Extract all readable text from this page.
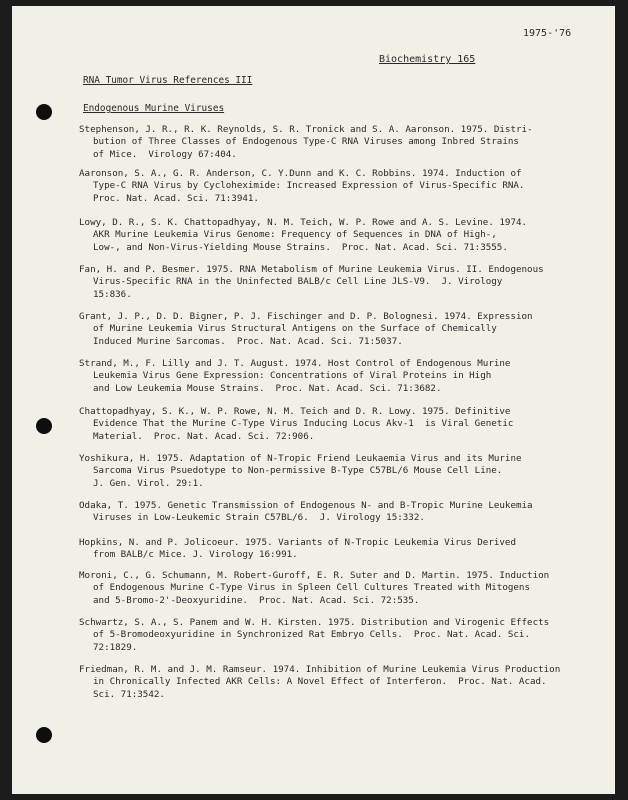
1975-'76
Biochemistry 165
RNA Tumor Virus References III
Endogenous Murine Viruses
Stephenson, J. R., R. K. Reynolds, S. R. Tronick and S. A. Aaronson. 1975. Distri-
bution of Three Classes of Endogenous Type-C RNA Viruses among Inbred Strains
of Mice.  Virology 67:404.
Aaronson, S. A., G. R. Anderson, C. Y.Dunn and K. C. Robbins. 1974. Induction of
Type-C RNA Virus by Cycloheximide: Increased Expression of Virus-Specific RNA.
Proc. Nat. Acad. Sci. 71:3941.
Lowy, D. R., S. K. Chattopadhyay, N. M. Teich, W. P. Rowe and A. S. Levine. 1974.
AKR Murine Leukemia Virus Genome: Frequency of Sequences in DNA of High-,
Low-, and Non-Virus-Yielding Mouse Strains.  Proc. Nat. Acad. Sci. 71:3555.
Fan, H. and P. Besmer. 1975. RNA Metabolism of Murine Leukemia Virus. II. Endogenous
Virus-Specific RNA in the Uninfected BALB/c Cell Line JLS-V9.  J. Virology
15:836.
Grant, J. P., D. D. Bigner, P. J. Fischinger and D. P. Bolognesi. 1974. Expression
of Murine Leukemia Virus Structural Antigens on the Surface of Chemically
Induced Murine Sarcomas.  Proc. Nat. Acad. Sci. 71:5037.
Strand, M., F. Lilly and J. T. August. 1974. Host Control of Endogenous Murine
Leukemia Virus Gene Expression: Concentrations of Viral Proteins in High
and Low Leukemia Mouse Strains.  Proc. Nat. Acad. Sci. 71:3682.
Chattopadhyay, S. K., W. P. Rowe, N. M. Teich and D. R. Lowy. 1975. Definitive
Evidence That the Murine C-Type Virus Inducing Locus Akv-1  is Viral Genetic
Material.  Proc. Nat. Acad. Sci. 72:906.
Yoshikura, H. 1975. Adaptation of N-Tropic Friend Leukaemia Virus and its Murine
Sarcoma Virus Psuedotype to Non-permissive B-Type C57BL/6 Mouse Cell Line.
J. Gen. Virol. 29:1.
Odaka, T. 1975. Genetic Transmission of Endogenous N- and B-Tropic Murine Leukemia
Viruses in Low-Leukemic Strain C57BL/6.  J. Virology 15:332.
Hopkins, N. and P. Jolicoeur. 1975. Variants of N-Tropic Leukemia Virus Derived
from BALB/c Mice. J. Virology 16:991.
Moroni, C., G. Schumann, M. Robert-Guroff, E. R. Suter and D. Martin. 1975. Induction
of Endogenous Murine C-Type Virus in Spleen Cell Cultures Treated with Mitogens
and 5-Bromo-2'-Deoxyuridine.  Proc. Nat. Acad. Sci. 72:535.
Schwartz, S. A., S. Panem and W. H. Kirsten. 1975. Distribution and Virogenic Effects
of 5-Bromodeoxyuridine in Synchronized Rat Embryo Cells.  Proc. Nat. Acad. Sci.
72:1829.
Friedman, R. M. and J. M. Ramseur. 1974. Inhibition of Murine Leukemia Virus Production
in Chronically Infected AKR Cells: A Novel Effect of Interferon.  Proc. Nat. Acad.
Sci. 71:3542.
